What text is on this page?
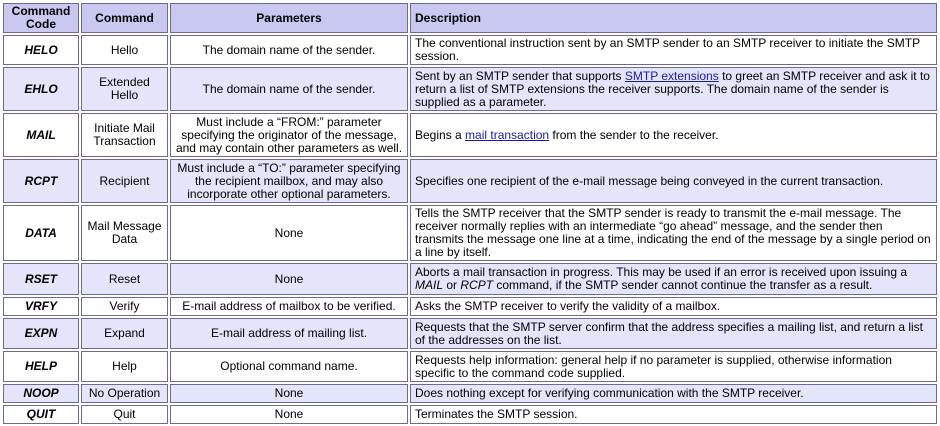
Command Code	Command	Parameters	Description
HELO	Hello	The domain name of the sender.	The conventional instruction sent by an SMTP sender to an SMTP receiver to initiate the SMTP session.
EHLO	Extended Hello	The domain name of the sender.	Sent by an SMTP sender that supports SMTP extensions to greet an SMTP receiver and ask it to return a list of SMTP extensions the receiver supports. The domain name of the sender is supplied as a parameter.
MAIL	Initiate Mail Transaction	Must include a “FROM:” parameter specifying the originator of the message, and may contain other parameters as well.	Begins a mail transaction from the sender to the receiver.
RCPT	Recipient	Must include a “TO:” parameter specifying the recipient mailbox, and may also incorporate other optional parameters.	Specifies one recipient of the e-mail message being conveyed in the current transaction.
DATA	Mail Message Data	None	Tells the SMTP receiver that the SMTP sender is ready to transmit the e-mail message. The receiver normally replies with an intermediate “go ahead” message, and the sender then transmits the message one line at a time, indicating the end of the message by a single period on a line by itself.
RSET	Reset	None	Aborts a mail transaction in progress. This may be used if an error is received upon issuing a MAIL or RCPT command, if the SMTP sender cannot continue the transfer as a result.
VRFY	Verify	E-mail address of mailbox to be verified.	Asks the SMTP receiver to verify the validity of a mailbox.
EXPN	Expand	E-mail address of mailing list.	Requests that the SMTP server confirm that the address specifies a mailing list, and return a list of the addresses on the list.
HELP	Help	Optional command name.	Requests help information: general help if no parameter is supplied, otherwise information specific to the command code supplied.
NOOP	No Operation	None	Does nothing except for verifying communication with the SMTP receiver.
QUIT	Quit	None	Terminates the SMTP session.
